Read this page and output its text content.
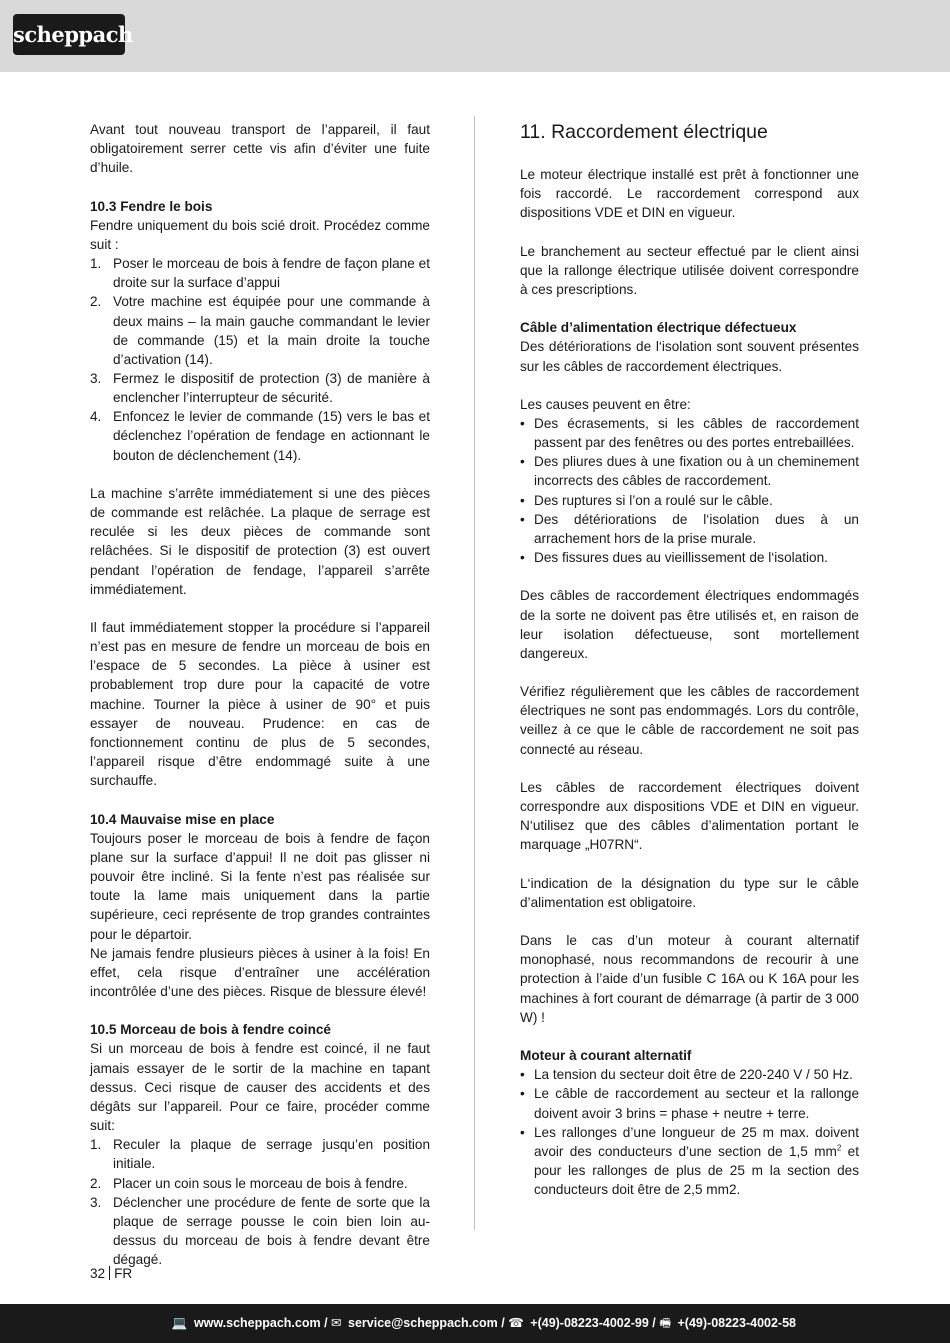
scheppach
Avant tout nouveau transport de l’appareil, il faut obligatoirement serrer cette vis afin d’éviter une fuite d’huile.
10.3 Fendre le bois
Fendre uniquement du bois scié droit. Procédez comme suit :
1. Poser le morceau de bois à fendre de façon plane et droite sur la surface d’appui
2. Votre machine est équipée pour une commande à deux mains – la main gauche commandant le levier de commande (15) et la main droite la touche d’activation (14).
3. Fermez le dispositif de protection (3) de manière à enclencher l’interrupteur de sécurité.
4. Enfoncez le levier de commande (15) vers le bas et déclenchez l’opération de fendage en actionnant le bouton de déclenchement (14).
La machine s’arrête immédiatement si une des pièces de commande est relâchée. La plaque de serrage est reculée si les deux pièces de commande sont relâchées. Si le dispositif de protection (3) est ouvert pendant l’opération de fendage, l’appareil s’arrête immédiatement.
Il faut immédiatement stopper la procédure si l’appareil n’est pas en mesure de fendre un morceau de bois en l’espace de 5 secondes. La pièce à usiner est probablement trop dure pour la capacité de votre machine. Tourner la pièce à usiner de 90° et puis essayer de nouveau. Prudence: en cas de fonctionnement continu de plus de 5 secondes, l’appareil risque d’être endommagé suite à une surchauffe.
10.4 Mauvaise mise en place
Toujours poser le morceau de bois à fendre de façon plane sur la surface d’appui! Il ne doit pas glisser ni pouvoir être incliné. Si la fente n’est pas réalisée sur toute la lame mais uniquement dans la partie supérieure, ceci représente de trop grandes contraintes pour le départoir.
Ne jamais fendre plusieurs pièces à usiner à la fois! En effet, cela risque d’entraîner une accélération incontrôlée d’une des pièces. Risque de blessure élevé!
10.5 Morceau de bois à fendre coincé
Si un morceau de bois à fendre est coincé, il ne faut jamais essayer de le sortir de la machine en tapant dessus. Ceci risque de causer des accidents et des dégâts sur l’appareil. Pour ce faire, procéder comme suit:
1. Reculer la plaque de serrage jusqu’en position initiale.
2. Placer un coin sous le morceau de bois à fendre.
3. Déclencher une procédure de fente de sorte que la plaque de serrage pousse le coin bien loin au-dessus du morceau de bois à fendre devant être dégagé.
11. Raccordement électrique
Le moteur électrique installé est prêt à fonctionner une fois raccordé. Le raccordement correspond aux dispositions VDE et DIN en vigueur.
Le branchement au secteur effectué par le client ainsi que la rallonge électrique utilisée doivent correspondre à ces prescriptions.
Câble d’alimentation électrique défectueux
Des détériorations de l‘isolation sont souvent présentes sur les câbles de raccordement électriques.
Les causes peuvent en être:
• Des écrasements, si les câbles de raccordement passent par des fenêtres ou des portes entrebaillées.
• Des pliures dues à une fixation ou à un cheminement incorrects des câbles de raccordement.
• Des ruptures si l’on a roulé sur le câble.
• Des détériorations de l‘isolation dues à un arrachement hors de la prise murale.
• Des fissures dues au vieillissement de l‘isolation.
Des câbles de raccordement électriques endommagés de la sorte ne doivent pas être utilisés et, en raison de leur isolation défectueuse, sont mortellement dangereux.
Vérifiez régulièrement que les câbles de raccordement électriques ne sont pas endommagés. Lors du contrôle, veillez à ce que le câble de raccordement ne soit pas connecté au réseau.
Les câbles de raccordement électriques doivent correspondre aux dispositions VDE et DIN en vigueur. N‘utilisez que des câbles d’alimentation portant le marquage „H07RN“.
L‘indication de la désignation du type sur le câble d’alimentation est obligatoire.
Dans le cas d’un moteur à courant alternatif monophasé, nous recommandons de recourir à une protection à l’aide d’un fusible C 16A ou K 16A pour les machines à fort courant de démarrage (à partir de 3 000 W) !
Moteur à courant alternatif
• La tension du secteur doit être de 220-240 V / 50 Hz.
• Le câble de raccordement au secteur et la rallonge doivent avoir 3 brins = phase + neutre + terre.
• Les rallonges d’une longueur de 25 m max. doivent avoir des conducteurs d’une section de 1,5 $mm^2$ et pour les rallonges de plus de 25 m la section des conducteurs doit être de 2,5 mm2.
32 FR
💻 www.scheppach.com / ✉ service@scheppach.com / ☎ +(49)-08223-4002-99 / 🖷 +(49)-08223-4002-58
